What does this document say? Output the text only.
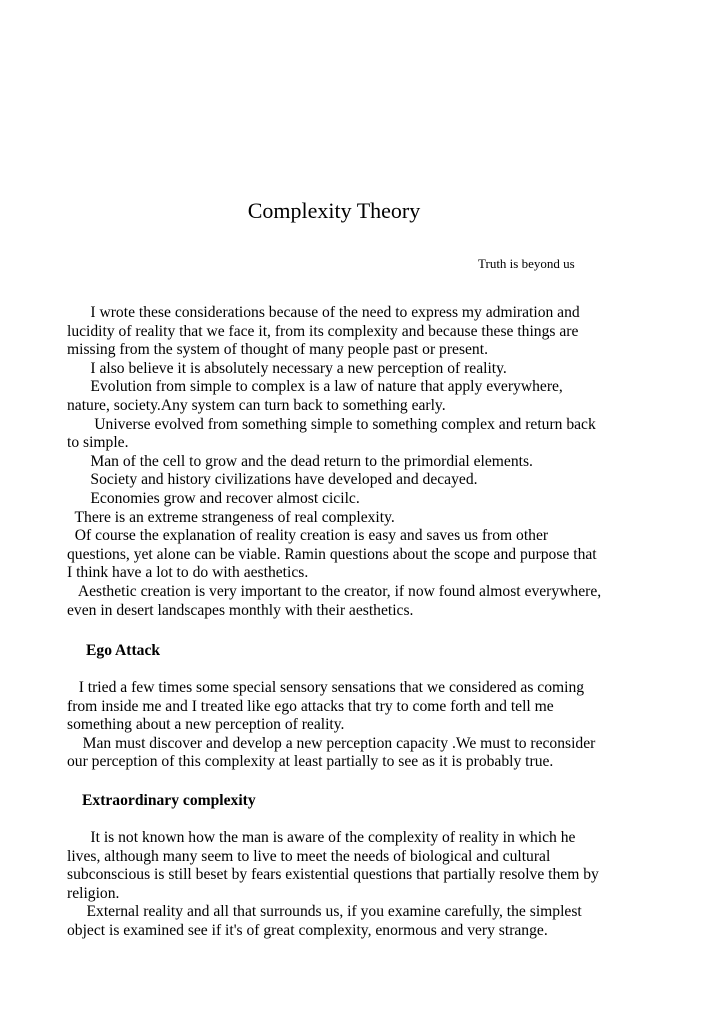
Complexity Theory
Truth is beyond us
I wrote these considerations because of the need to express my admiration and
lucidity of reality that we face it, from its complexity and because these things are
missing from the system of thought of many people past or present.
I also believe it is absolutely necessary a new perception of reality.
Evolution from simple to complex is a law of nature that apply everywhere,
nature, society.Any system can turn back to something early.
Universe evolved from something simple to something complex and return back
to simple.
Man of the cell to grow and the dead return to the primordial elements.
Society and history civilizations have developed and decayed.
Economies grow and recover almost cicilc.
There is an extreme strangeness of real complexity.
Of course the explanation of reality creation is easy and saves us from other
questions, yet alone can be viable. Ramin questions about the scope and purpose that
I think have a lot to do with aesthetics.
Aesthetic creation is very important to the creator, if now found almost everywhere,
even in desert landscapes monthly with their aesthetics.
Ego Attack
I tried a few times some special sensory sensations that we considered as coming
from inside me and I treated like ego attacks that try to come forth and tell me
something about a new perception of reality.
Man must discover and develop a new perception capacity .We must to reconsider
our perception of this complexity at least partially to see as it is probably true.
Extraordinary complexity
It is not known how the man is aware of the complexity of reality in which he
lives, although many seem to live to meet the needs of biological and cultural
subconscious is still beset by fears existential questions that partially resolve them by
religion.
External reality and all that surrounds us, if you examine carefully, the simplest
object is examined see if it's of great complexity, enormous and very strange.
